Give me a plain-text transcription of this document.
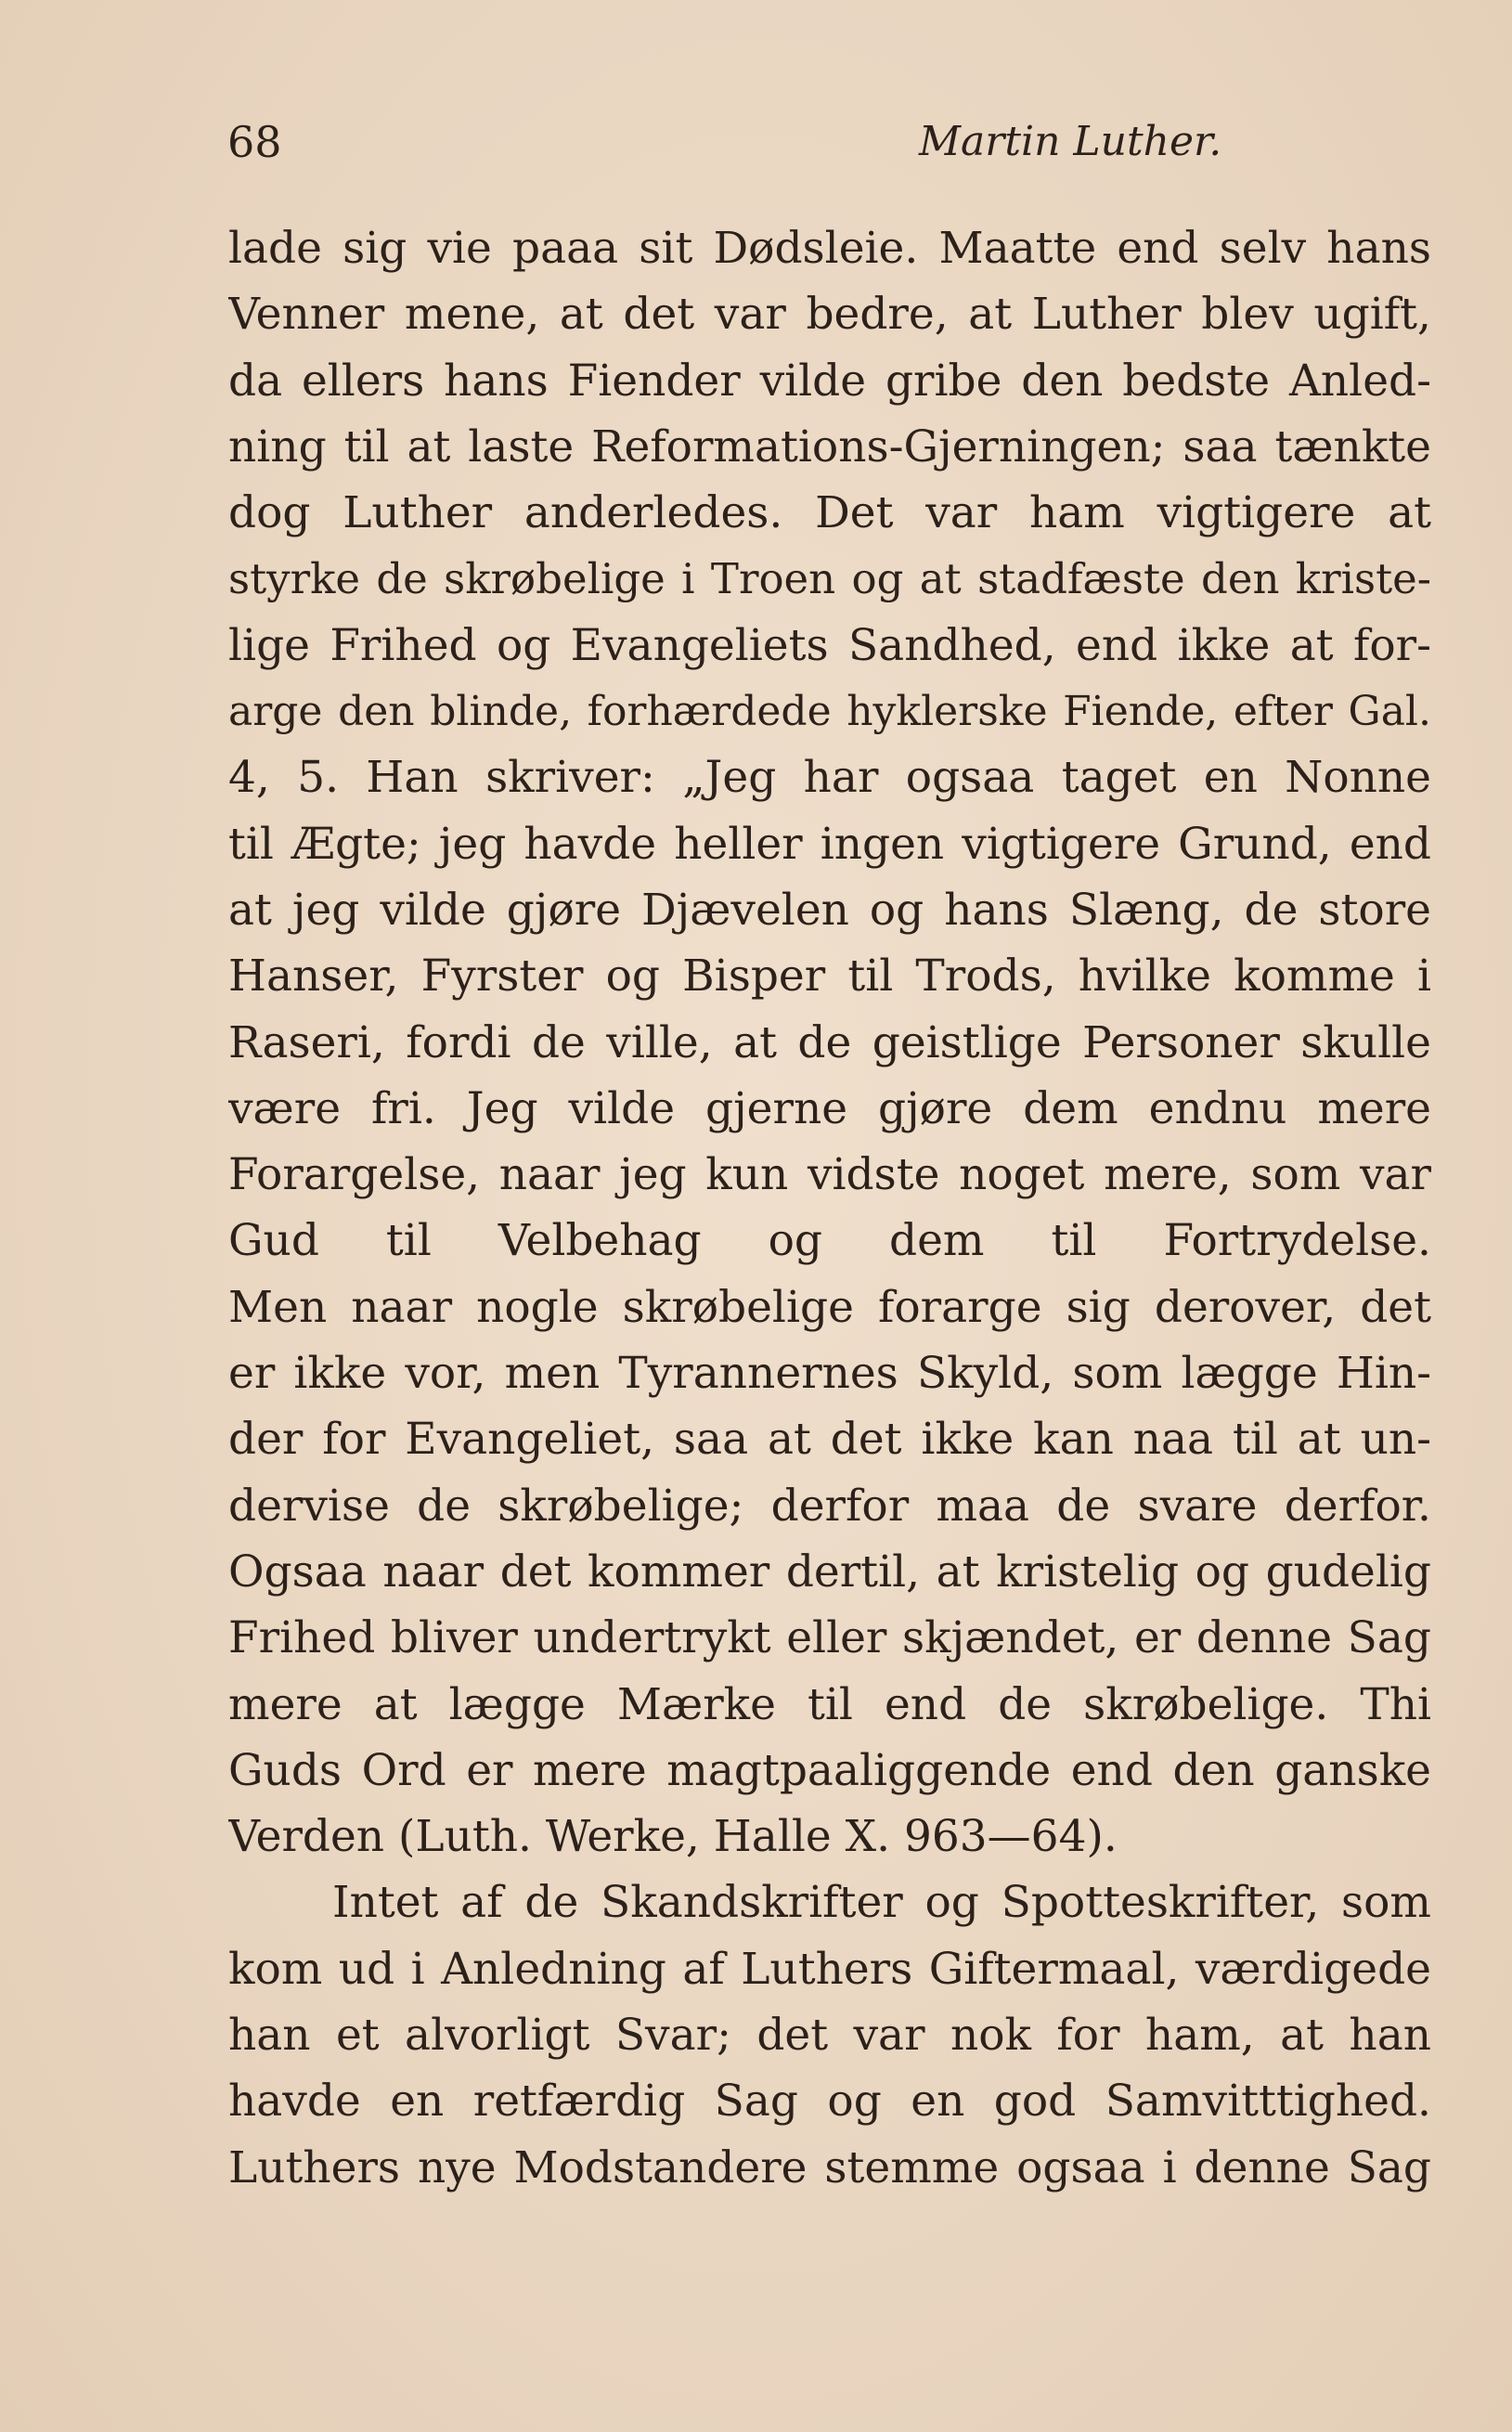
68	Martin Luther.
lade sig vie paaa sit Dødsleie. Maatte end selv hans
Venner mene, at det var bedre, at Luther blev ugift,
da ellers hans Fiender vilde gribe den bedste Anled-
ning til at laste Reformations-Gjerningen; saa tænkte
dog Luther anderledes. Det var ham vigtigere at
styrke de skrøbelige i Troen og at stadfæste den kriste-
lige Frihed og Evangeliets Sandhed, end ikke at for-
arge den blinde, forhærdede hyklerske Fiende, efter Gal.
4, 5. Han skriver: „Jeg har ogsaa taget en Nonne
til Ægte; jeg havde heller ingen vigtigere Grund, end
at jeg vilde gjøre Djævelen og hans Slæng, de store
Hanser, Fyrster og Bisper til Trods, hvilke komme i
Raseri, fordi de ville, at de geistlige Personer skulle
være fri. Jeg vilde gjerne gjøre dem endnu mere
Forargelse, naar jeg kun vidste noget mere, som var
Gud til Velbehag og dem til Fortrydelse.
Men naar nogle skrøbelige forarge sig derover, det
er ikke vor, men Tyrannernes Skyld, som lægge Hin-
der for Evangeliet, saa at det ikke kan naa til at un-
dervise de skrøbelige; derfor maa de svare derfor.
Ogsaa naar det kommer dertil, at kristelig og gudelig
Frihed bliver undertrykt eller skjændet, er denne Sag
mere at lægge Mærke til end de skrøbelige. Thi
Guds Ord er mere magtpaaliggende end den ganske
Verden (Luth. Werke, Halle X. 963—64).
Intet af de Skandskrifter og Spotteskrifter, som
kom ud i Anledning af Luthers Giftermaal, værdigede
han et alvorligt Svar; det var nok for ham, at han
havde en retfærdig Sag og en god Samvitttighed.
Luthers nye Modstandere stemme ogsaa i denne Sag
